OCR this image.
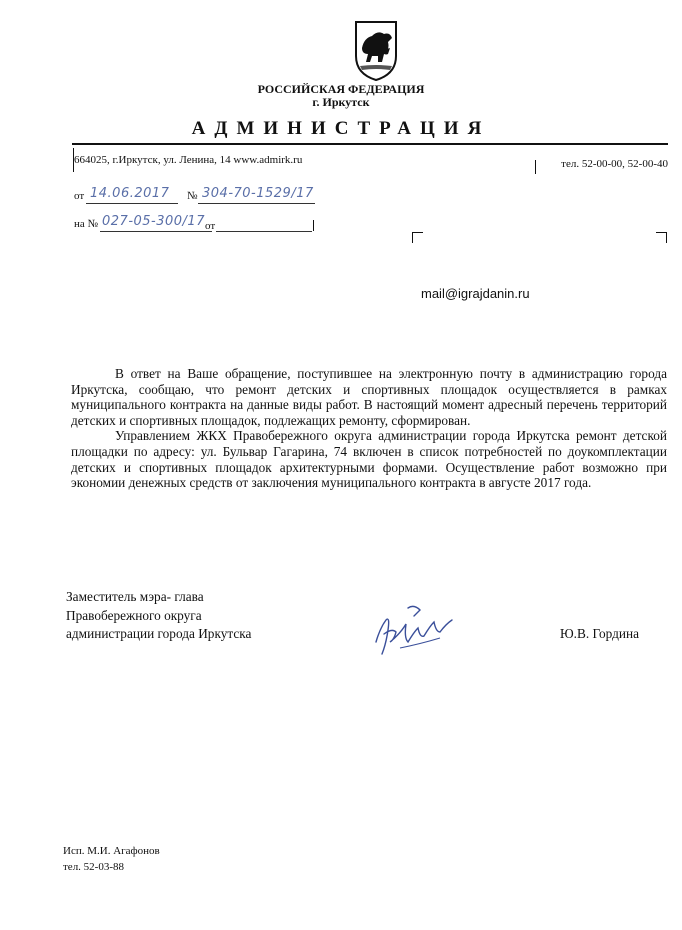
РОССИЙСКАЯ ФЕДЕРАЦИЯ
г. Иркутск
АДМИНИСТРАЦИЯ
664025, г.Иркутск, ул. Ленина, 14 www.admirk.ru	тел. 52-00-00, 52-00-40
от 14.06.2017 № 304-70-1529/17
на № 027-05-300/17 от
mail@igrajdanin.ru

В ответ на Ваше обращение, поступившее на электронную почту в администрацию города Иркутска, сообщаю, что ремонт детских и спортивных площадок осуществляется в рамках муниципального контракта на данные виды работ. В настоящий момент адресный перечень территорий детских и спортивных площадок, подлежащих ремонту, сформирован.

Управлением ЖКХ Правобережного округа администрации города Иркутска ремонт детской площадки по адресу: ул. Бульвар Гагарина, 74 включен в список потребностей по доукомплектации детских и спортивных площадок архитектурными формами. Осуществление работ возможно при экономии денежных средств от заключения муниципального контракта в августе 2017 года.

Заместитель мэра- глава
Правобережного округа
администрации города Иркутска	Ю.В. Гордина
Исп. М.И. Агафонов
тел. 52-03-88
